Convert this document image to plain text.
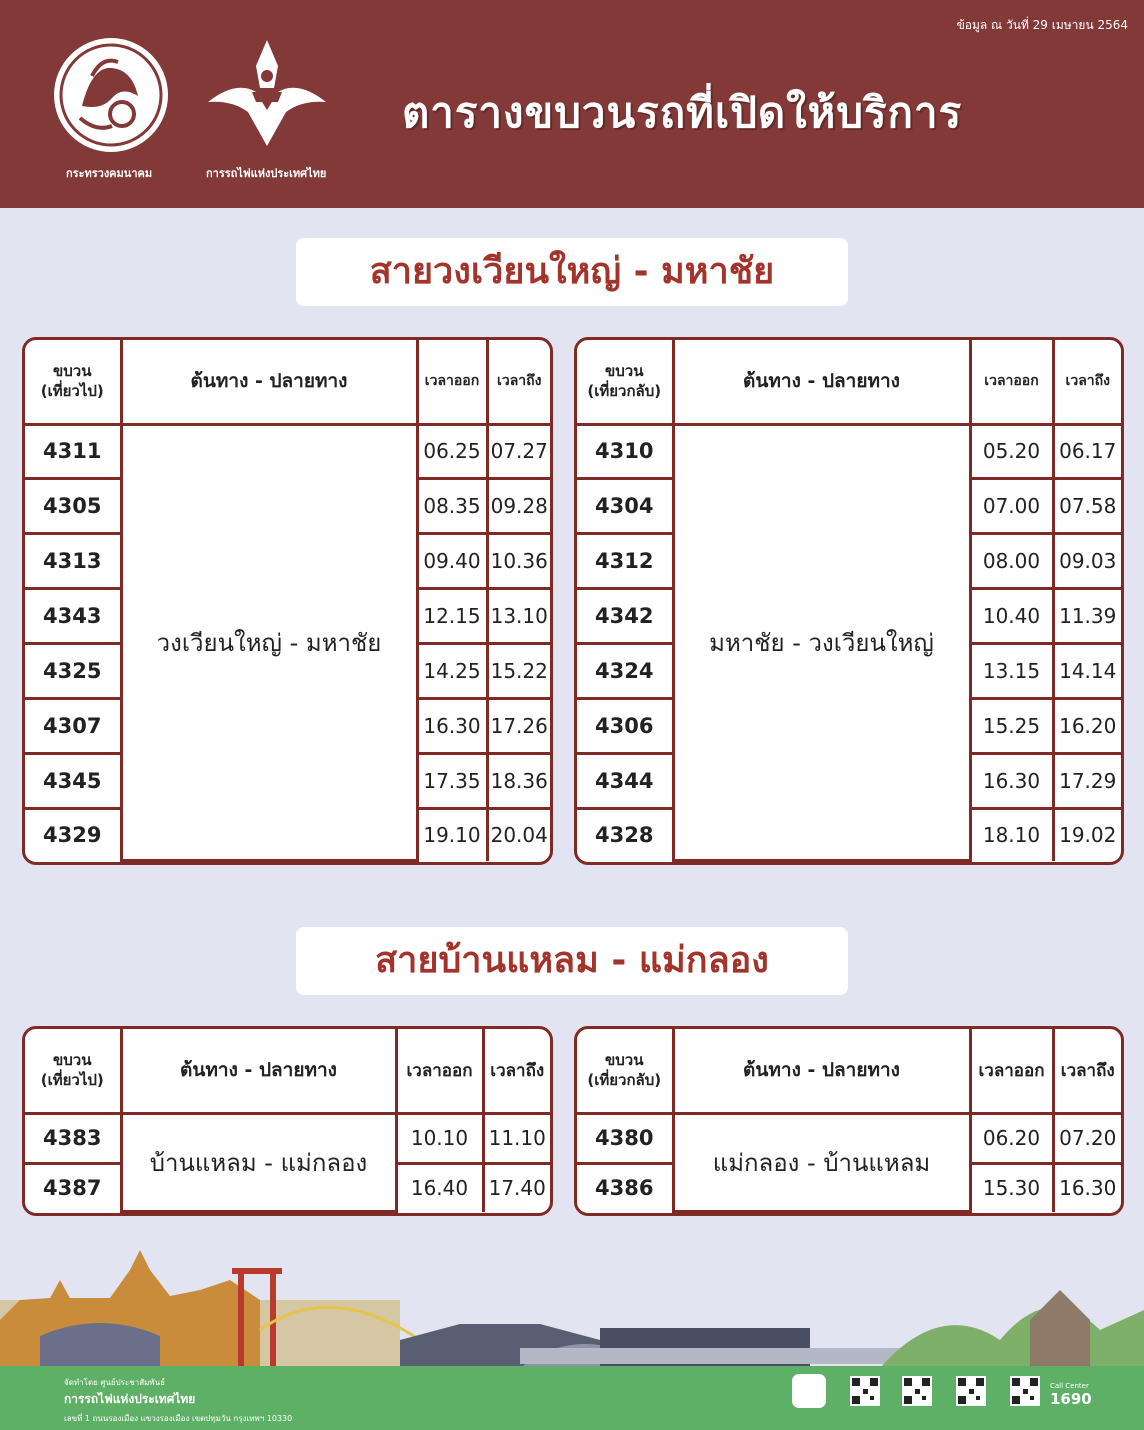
ข้อมูล ณ วันที่ 29 เมษายน 2564
กระทรวงคมนาคม	การรถไฟแห่งประเทศไทย
ตารางขบวนรถที่เปิดให้บริการ
สายวงเวียนใหญ่ - มหาชัย
ขบวน
(เที่ยวไป)	ต้นทาง - ปลายทาง	เวลาออก	เวลาถึง
4311	วงเวียนใหญ่ - มหาชัย	06.25	07.27
4305		08.35	09.28
4313		09.40	10.36
4343		12.15	13.10
4325		14.25	15.22
4307		16.30	17.26
4345		17.35	18.36
4329		19.10	20.04
ขบวน
(เที่ยวกลับ)	ต้นทาง - ปลายทาง	เวลาออก	เวลาถึง
4310	มหาชัย - วงเวียนใหญ่	05.20	06.17
4304		07.00	07.58
4312		08.00	09.03
4342		10.40	11.39
4324		13.15	14.14
4306		15.25	16.20
4344		16.30	17.29
4328		18.10	19.02
สายบ้านแหลม - แม่กลอง
ขบวน
(เที่ยวไป)	ต้นทาง - ปลายทาง	เวลาออก	เวลาถึง
4383	บ้านแหลม - แม่กลอง	10.10	11.10
4387		16.40	17.40
ขบวน
(เที่ยวกลับ)	ต้นทาง - ปลายทาง	เวลาออก	เวลาถึง
4380	แม่กลอง - บ้านแหลม	06.20	07.20
4386		15.30	16.30
จัดทำโดย ศูนย์ประชาสัมพันธ์
การรถไฟแห่งประเทศไทย
เลขที่ 1 ถนนรองเมือง แขวงรองเมือง เขตปทุมวัน กรุงเทพฯ 10330
Call Center
1690
